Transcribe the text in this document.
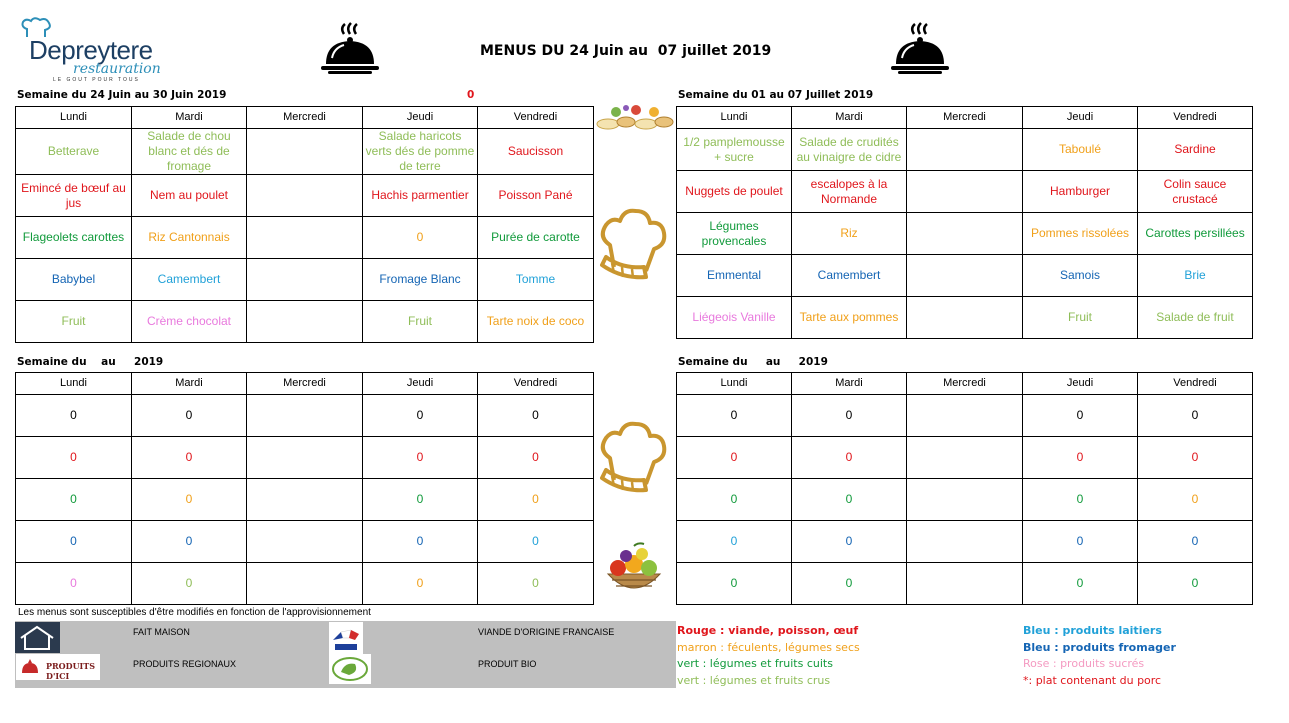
Depreytere
restauration
LE GOUT POUR TOUS
MENUS DU 24 Juin au  07 juillet 2019
Semaine du 24 Juin au 30 Juin 2019	0
Lundi	Mardi	Mercredi	Jeudi	Vendredi
Betterave	Salade de chou blanc et dés de fromage		Salade haricots verts dés de pomme de terre	Saucisson
Emincé de bœuf au jus	Nem au poulet		Hachis parmentier	Poisson Pané
Flageolets carottes	Riz Cantonnais		0	Purée de carotte
Babybel	Camembert		Fromage Blanc	Tomme
Fruit	Crème chocolat		Fruit	Tarte noix de coco
Semaine du 01 au 07 Juillet 2019
Lundi	Mardi	Mercredi	Jeudi	Vendredi
1/2 pamplemousse + sucre	Salade de crudités au vinaigre de cidre		Taboulé	Sardine
Nuggets de poulet	escalopes à la Normande		Hamburger	Colin sauce crustacé
Légumes provencales	Riz		Pommes rissolées	Carottes persillées
Emmental	Camembert		Samois	Brie
Liégeois Vanille	Tarte aux pommes		Fruit	Salade de fruit
Semaine du    au     2019
Lundi	Mardi	Mercredi	Jeudi	Vendredi
0	0		0	0
0	0		0	0
0	0		0	0
0	0		0	0
0	0		0	0
Semaine du     au     2019
Lundi	Mardi	Mercredi	Jeudi	Vendredi
0	0		0	0
0	0		0	0
0	0		0	0
0	0		0	0
0	0		0	0
Les menus sont susceptibles d'être modifiés en fonction de l'approvisionnement
FAIT MAISON
PRODUITS D'ICI
PRODUITS REGIONAUX
VIANDE D'ORIGINE FRANCAISE
PRODUIT BIO
Rouge : viande, poisson, œuf
marron : féculents, légumes secs
vert : légumes et fruits cuits
vert : légumes et fruits crus
Bleu : produits laitiers
Bleu : produits fromager
Rose : produits sucrés
*: plat contenant du porc
